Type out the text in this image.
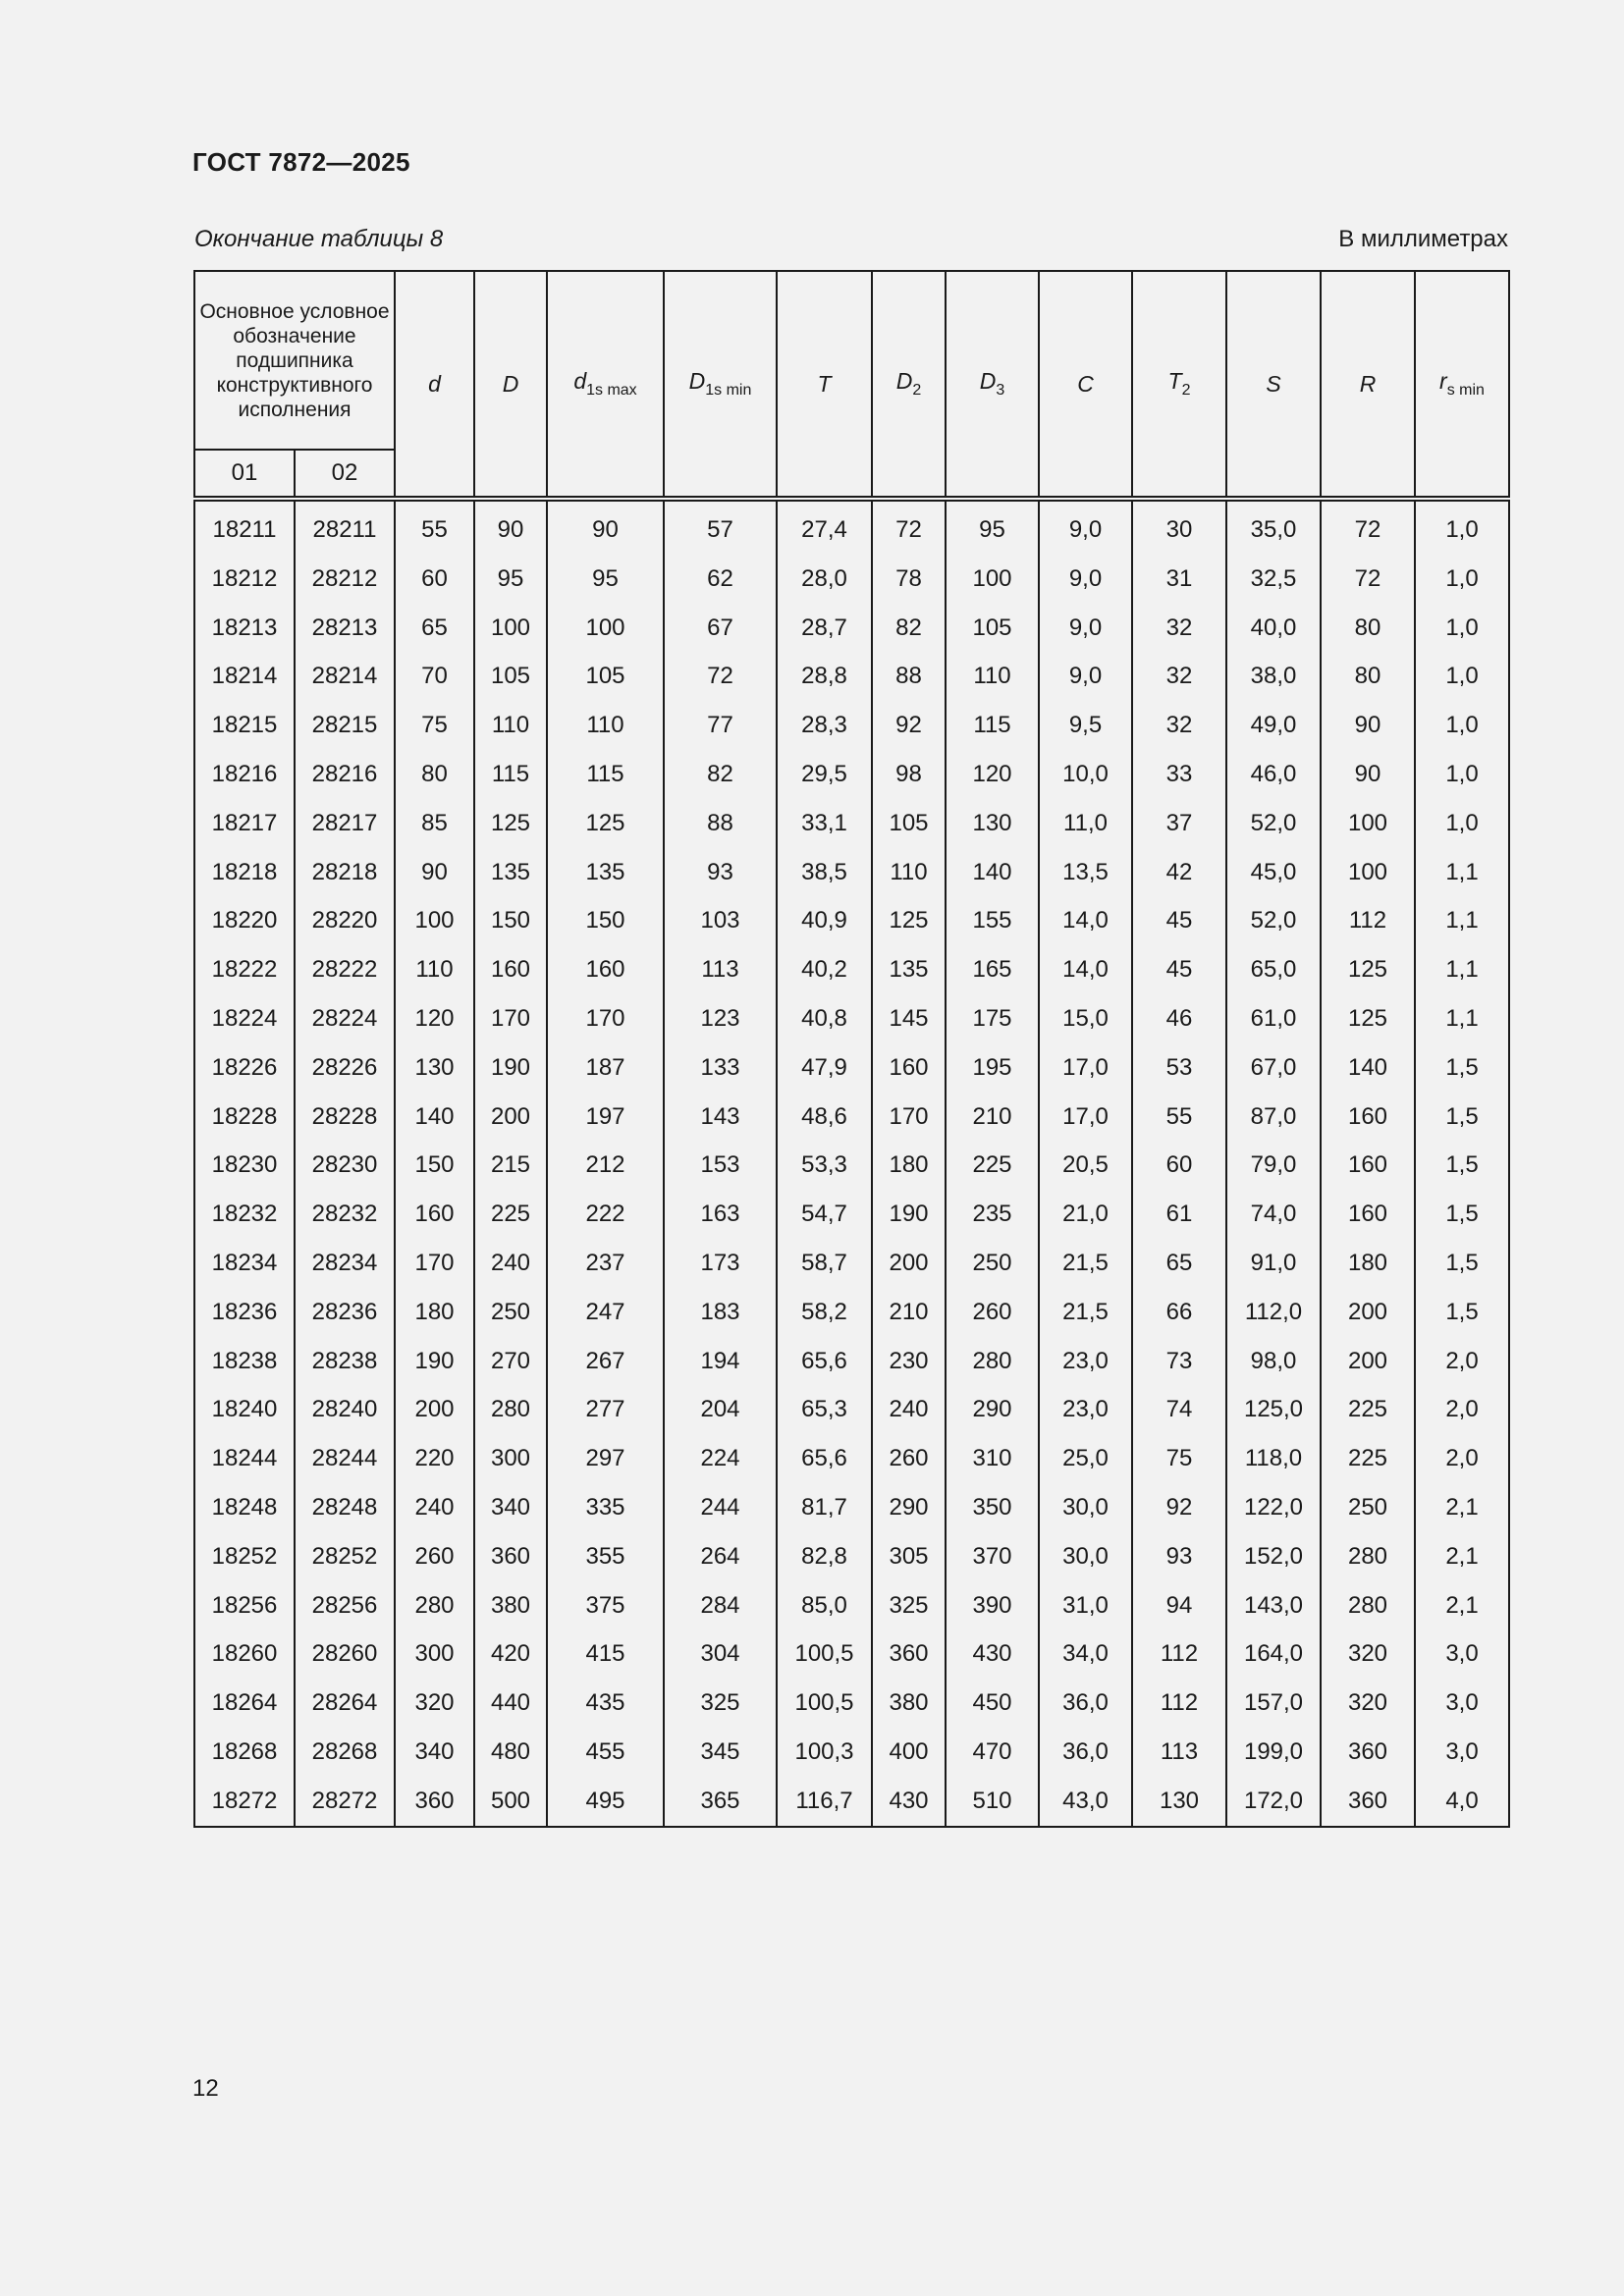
ГОСТ 7872—2025
Окончание таблицы 8	В миллиметрах
Основное условное обозначение подшипника конструктивного исполнения		d	D	$d_{1s max}$	$D_{1s min}$	T	$D_2$	$D_3$	C	$T_2$	S	R	$r_{s min}$
01	02												
18211	28211	55	90	90	57	27,4	72	95	9,0	30	35,0	72	1,0
18212	28212	60	95	95	62	28,0	78	100	9,0	31	32,5	72	1,0
18213	28213	65	100	100	67	28,7	82	105	9,0	32	40,0	80	1,0
18214	28214	70	105	105	72	28,8	88	110	9,0	32	38,0	80	1,0
18215	28215	75	110	110	77	28,3	92	115	9,5	32	49,0	90	1,0
18216	28216	80	115	115	82	29,5	98	120	10,0	33	46,0	90	1,0
18217	28217	85	125	125	88	33,1	105	130	11,0	37	52,0	100	1,0
18218	28218	90	135	135	93	38,5	110	140	13,5	42	45,0	100	1,1
18220	28220	100	150	150	103	40,9	125	155	14,0	45	52,0	112	1,1
18222	28222	110	160	160	113	40,2	135	165	14,0	45	65,0	125	1,1
18224	28224	120	170	170	123	40,8	145	175	15,0	46	61,0	125	1,1
18226	28226	130	190	187	133	47,9	160	195	17,0	53	67,0	140	1,5
18228	28228	140	200	197	143	48,6	170	210	17,0	55	87,0	160	1,5
18230	28230	150	215	212	153	53,3	180	225	20,5	60	79,0	160	1,5
18232	28232	160	225	222	163	54,7	190	235	21,0	61	74,0	160	1,5
18234	28234	170	240	237	173	58,7	200	250	21,5	65	91,0	180	1,5
18236	28236	180	250	247	183	58,2	210	260	21,5	66	112,0	200	1,5
18238	28238	190	270	267	194	65,6	230	280	23,0	73	98,0	200	2,0
18240	28240	200	280	277	204	65,3	240	290	23,0	74	125,0	225	2,0
18244	28244	220	300	297	224	65,6	260	310	25,0	75	118,0	225	2,0
18248	28248	240	340	335	244	81,7	290	350	30,0	92	122,0	250	2,1
18252	28252	260	360	355	264	82,8	305	370	30,0	93	152,0	280	2,1
18256	28256	280	380	375	284	85,0	325	390	31,0	94	143,0	280	2,1
18260	28260	300	420	415	304	100,5	360	430	34,0	112	164,0	320	3,0
18264	28264	320	440	435	325	100,5	380	450	36,0	112	157,0	320	3,0
18268	28268	340	480	455	345	100,3	400	470	36,0	113	199,0	360	3,0
18272	28272	360	500	495	365	116,7	430	510	43,0	130	172,0	360	4,0
12
